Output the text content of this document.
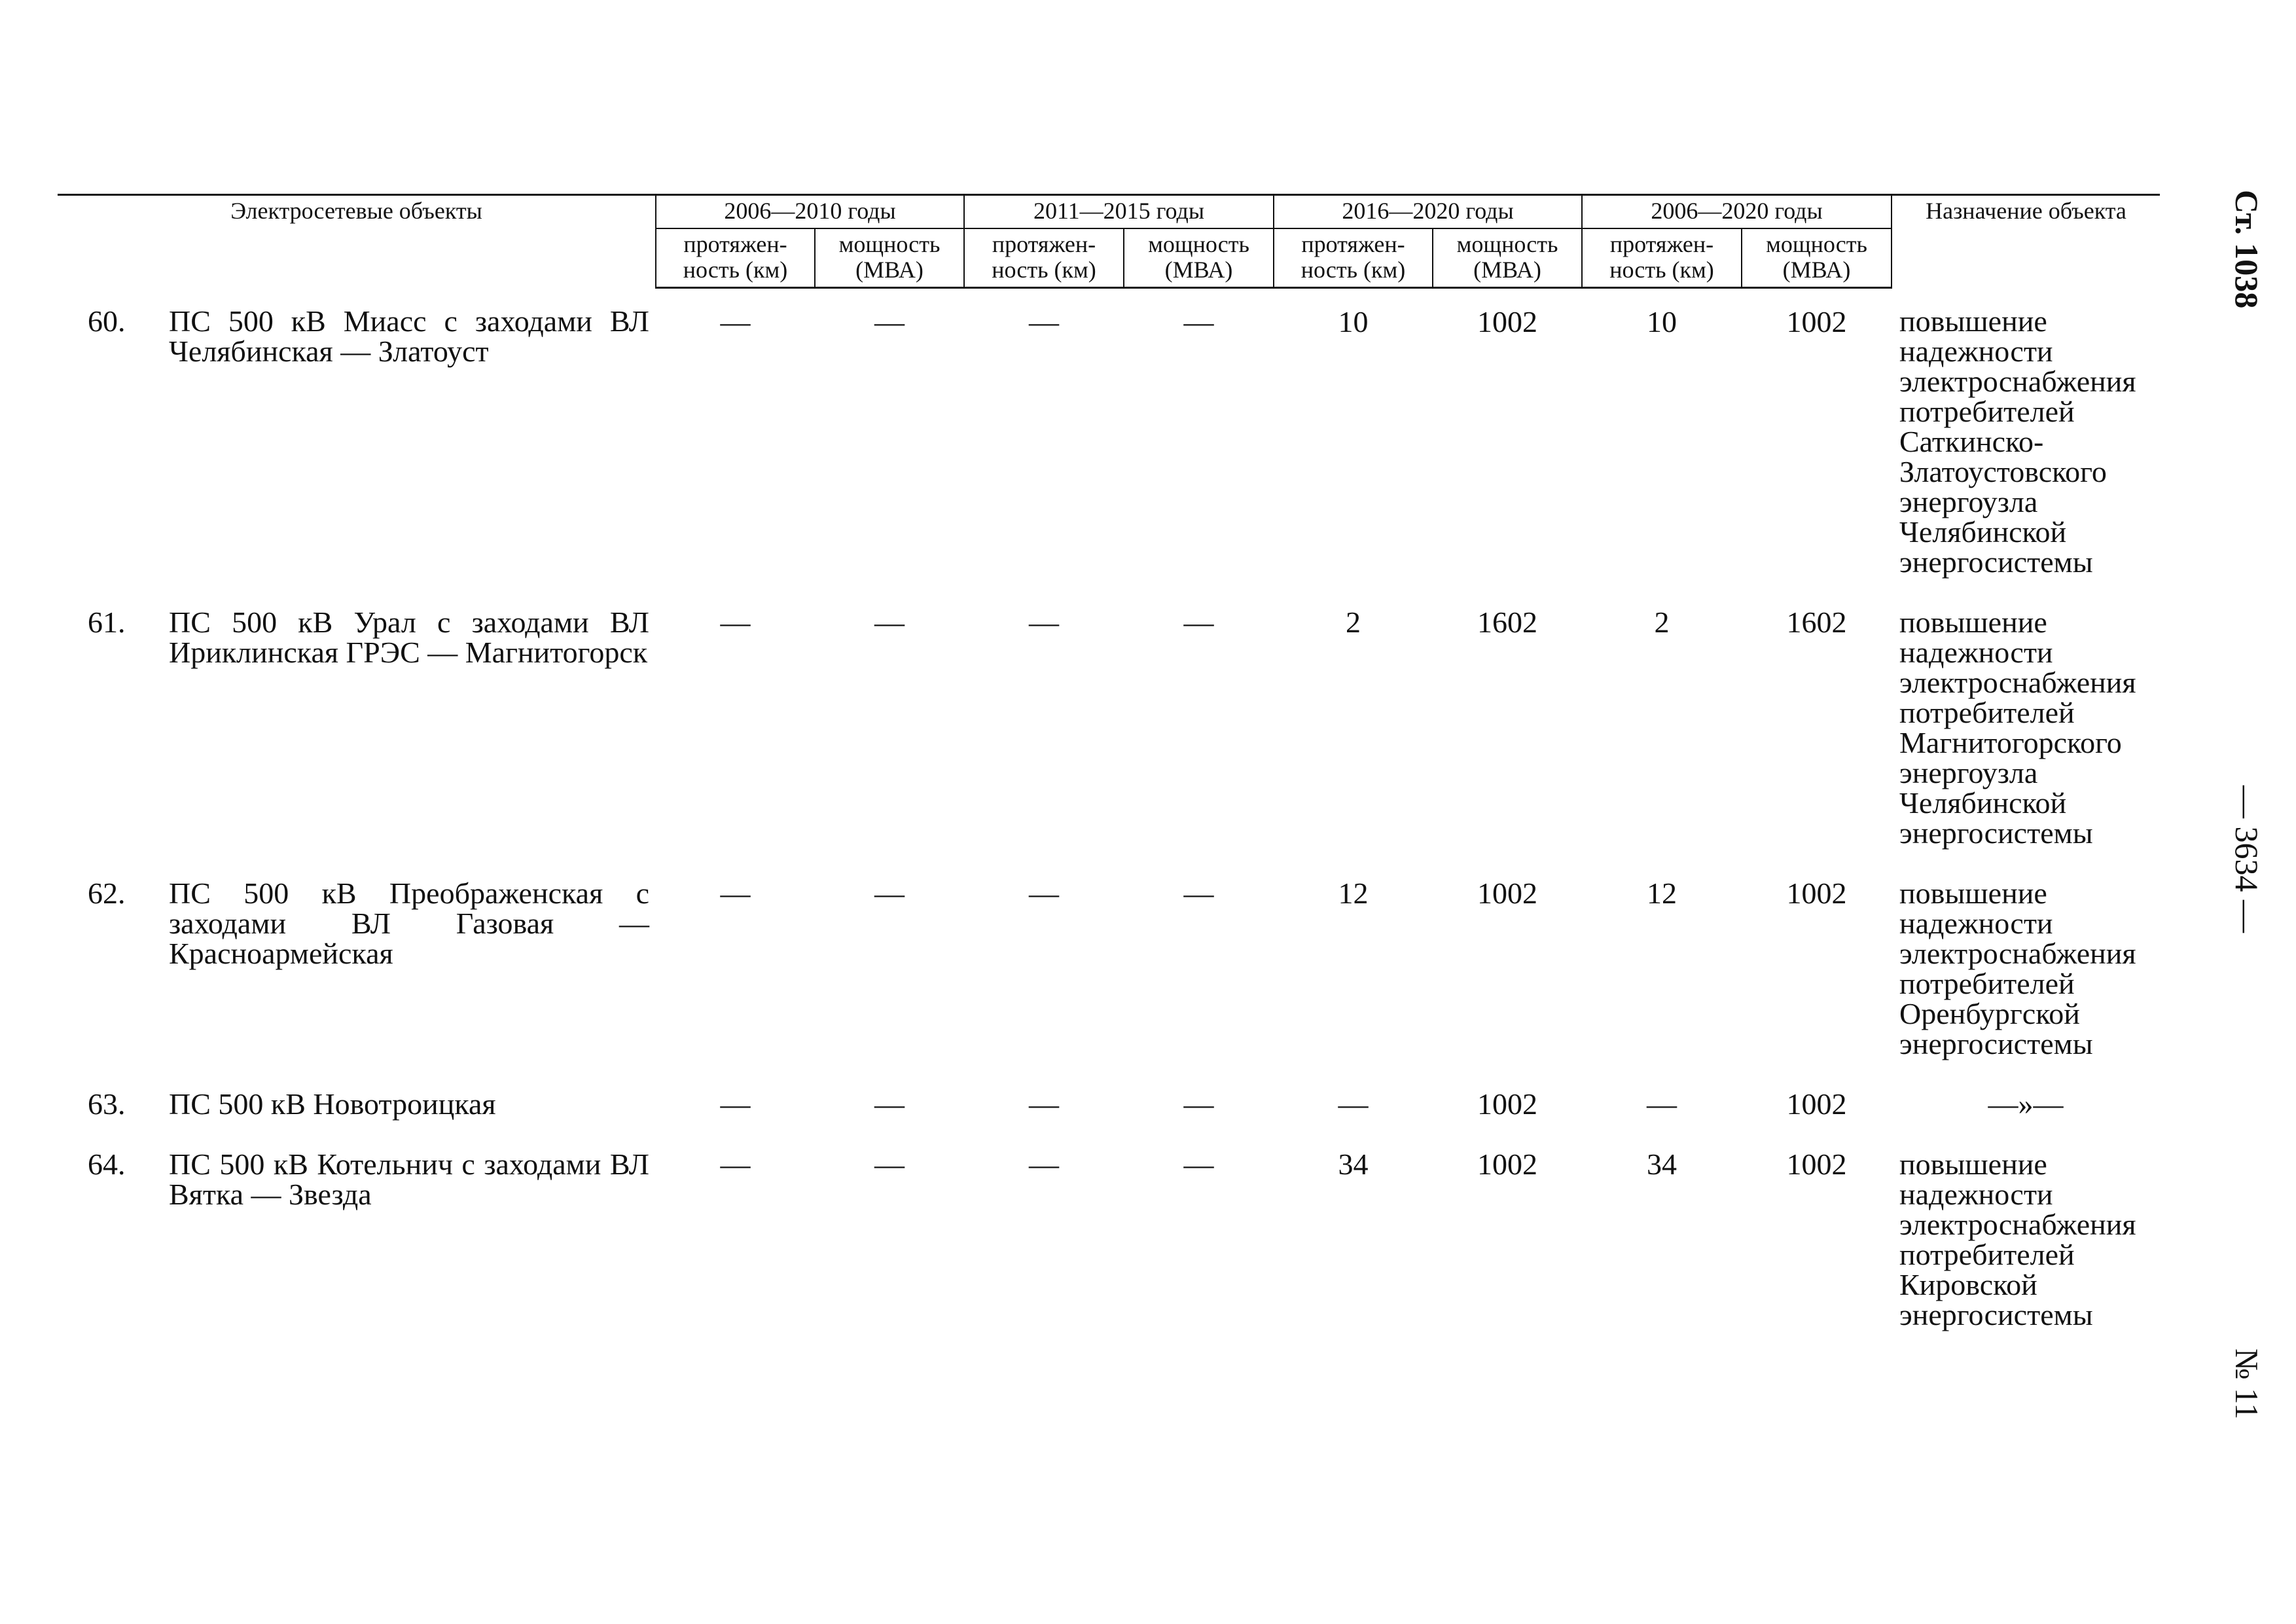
Электросетевые объекты	2006—2010 годы		2011—2015 годы		2016—2020 годы		2006—2020 годы		Назначение объекта
	протяжен-ность (км)	мощность (МВА)	протяжен-ность (км)	мощность (МВА)	протяжен-ность (км)	мощность (МВА)	протяжен-ность (км)	мощность (МВА)	

60. ПС 500 кВ Миасс с заходами ВЛ Челябинская — Златоуст	—	—	—	—	10	1002	10	1002	повышение надежности электроснабжения потребителей Саткинско-Златоустовского энергоузла Челябинской энергосистемы

61. ПС 500 кВ Урал с заходами ВЛ Ириклинская ГРЭС — Магнитогорск	—	—	—	—	2	1602	2	1602	повышение надежности электроснабжения потребителей Магнитогорского энергоузла Челябинской энергосистемы

62. ПС 500 кВ Преображенская с заходами ВЛ Газовая — Красноармейская	—	—	—	—	12	1002	12	1002	повышение надежности электроснабжения потребителей Оренбургской энергосистемы

63. ПС 500 кВ Новотроицкая	—	—	—	—	—	1002	—	1002	—»—

64. ПС 500 кВ Котельнич с заходами ВЛ Вятка — Звезда	—	—	—	—	34	1002	34	1002	повышение надежности электроснабжения потребителей Кировской энергосистемы
Ст. 1038
— 3634 —
№ 11
